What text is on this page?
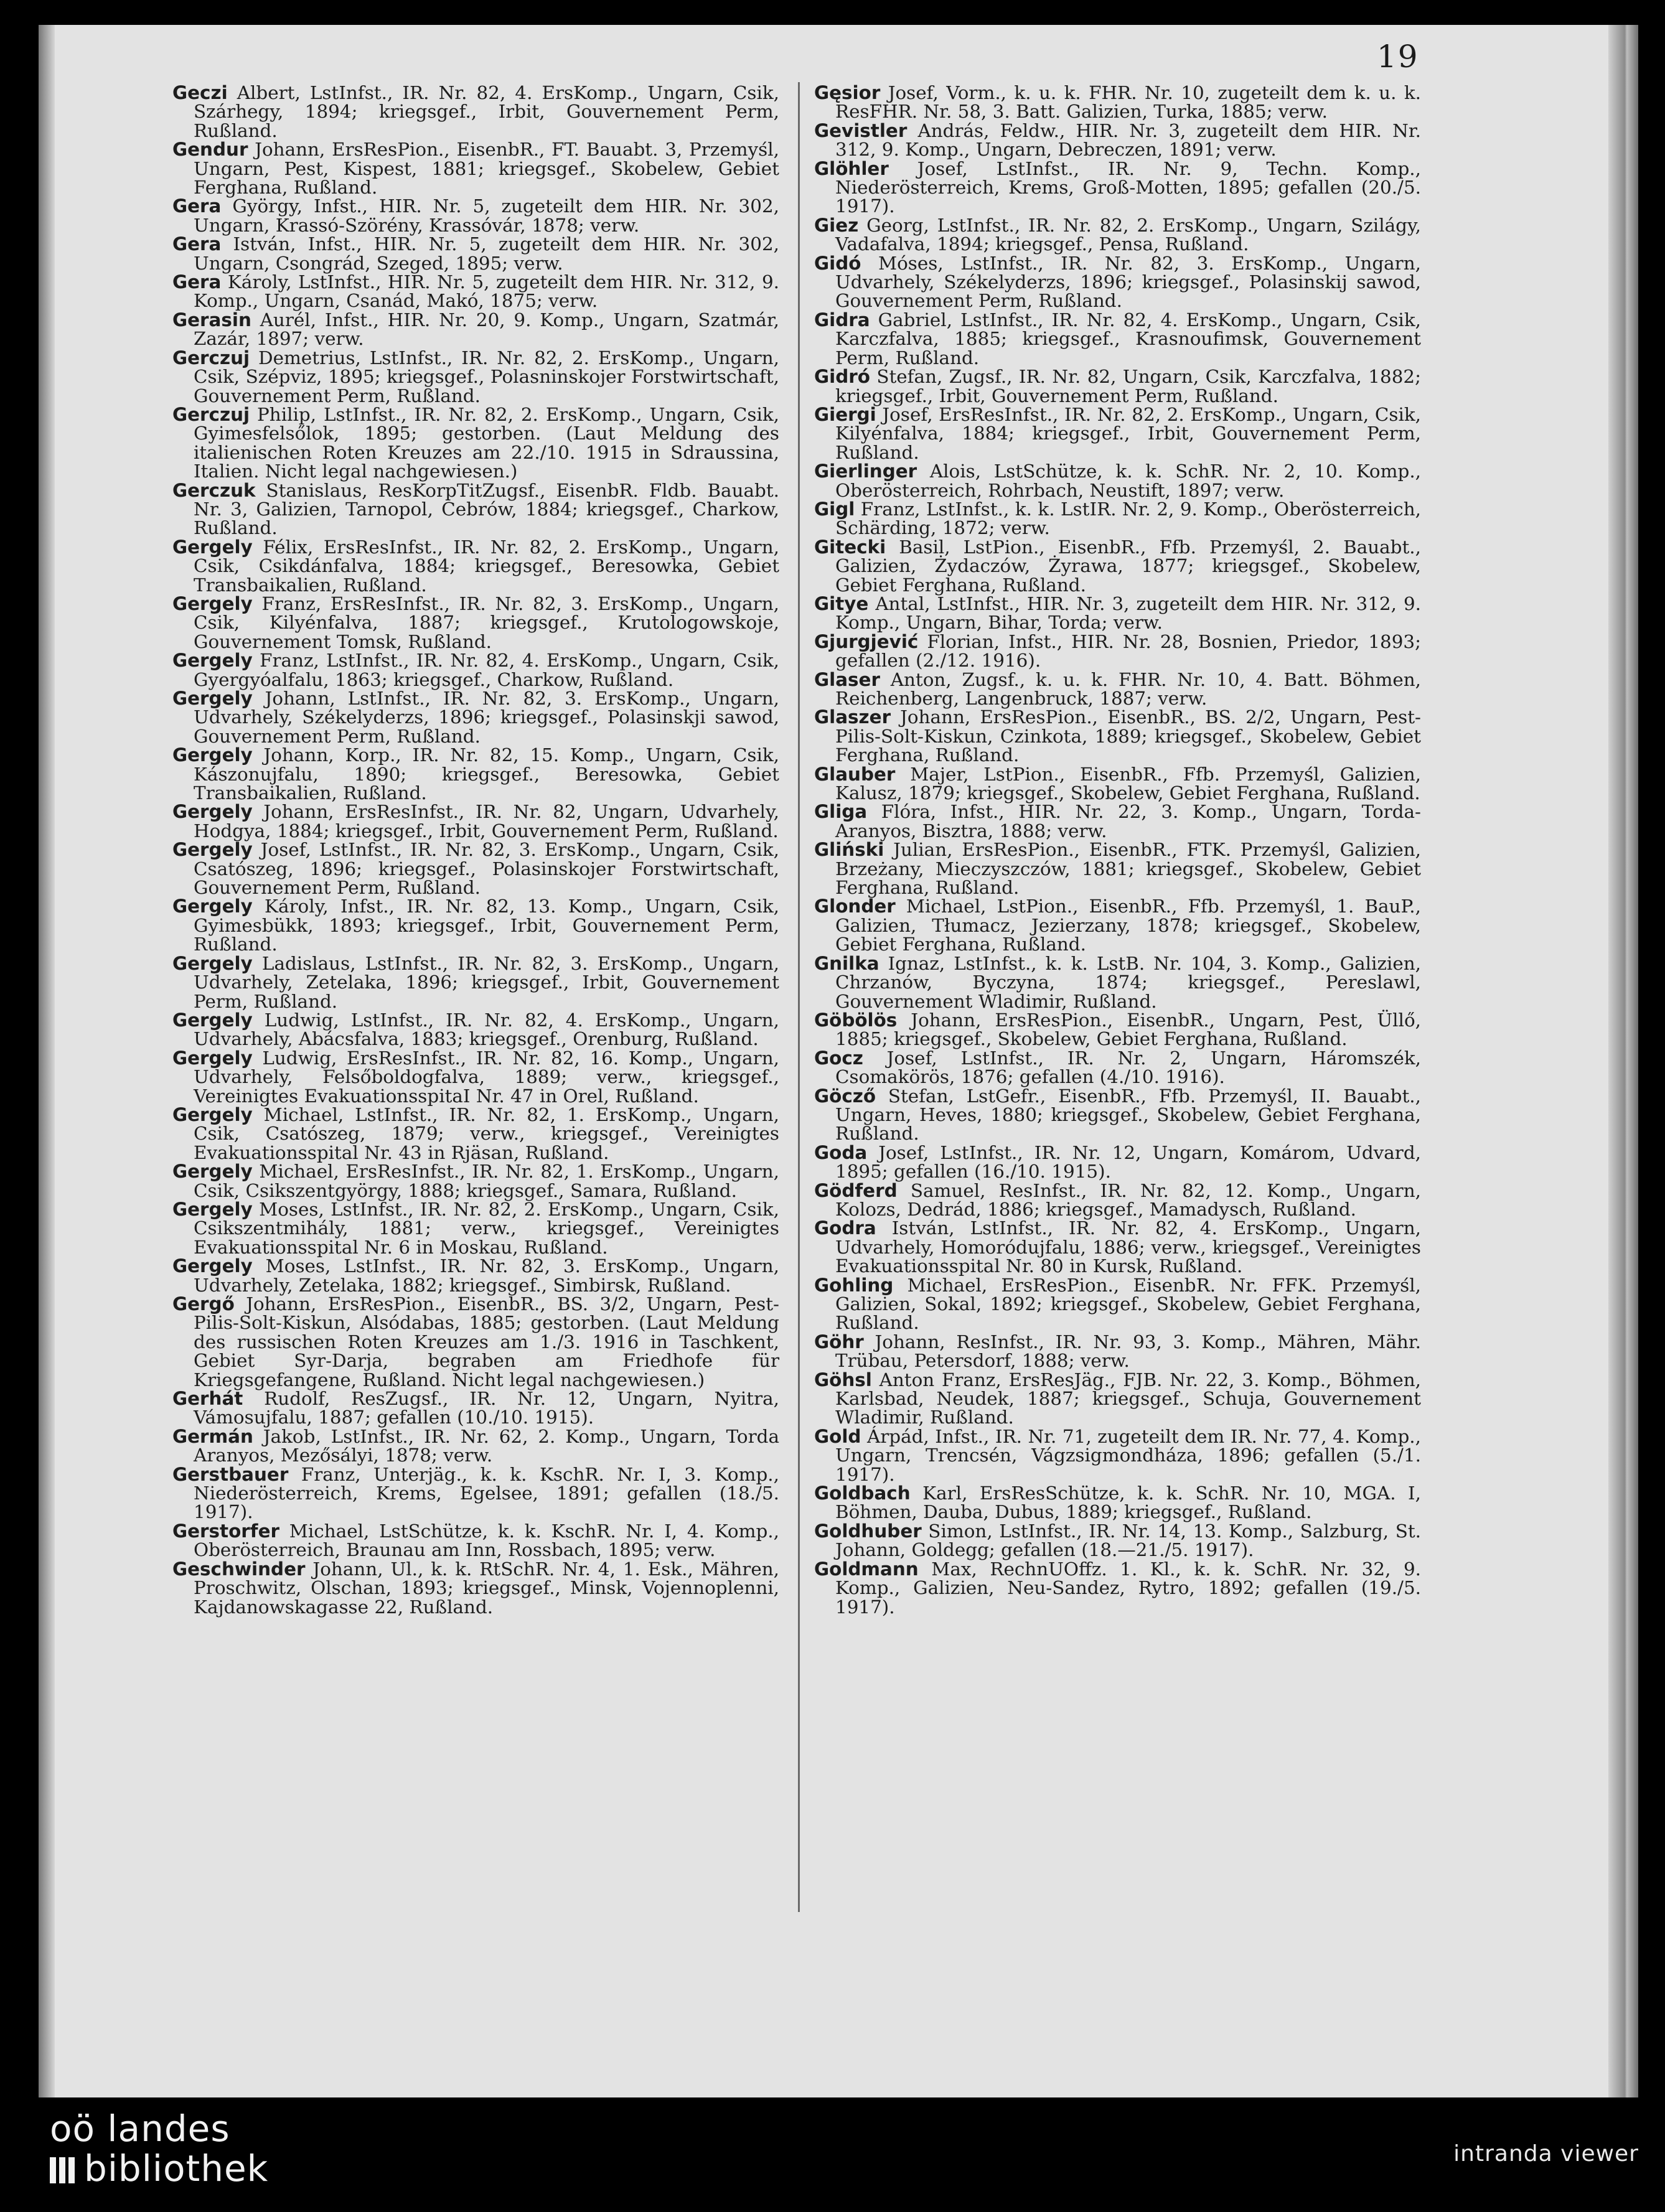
19

Geczi Albert, LstInfst., IR. Nr. 82, 4. ErsKomp., Ungarn, Csik, Szárhegy, 1894; kriegsgef., Irbit, Gouvernement Perm, Rußland.

Gendur Johann, ErsResPion., EisenbR., FT. Bauabt. 3, Przemyśl, Ungarn, Pest, Kispest, 1881; kriegsgef., Skobelew, Gebiet Ferghana, Rußland.

Gera György, Infst., HIR. Nr. 5, zugeteilt dem HIR. Nr. 302, Ungarn, Krassó-Szörény, Krassóvár, 1878; verw.

Gera István, Infst., HIR. Nr. 5, zugeteilt dem HIR. Nr. 302, Ungarn, Csongrád, Szeged, 1895; verw.

Gera Károly, LstInfst., HIR. Nr. 5, zugeteilt dem HIR. Nr. 312, 9. Komp., Ungarn, Csanád, Makó, 1875; verw.

Gerasin Aurél, Infst., HIR. Nr. 20, 9. Komp., Ungarn, Szatmár, Zazár, 1897; verw.

Gerczuj Demetrius, LstInfst., IR. Nr. 82, 2. ErsKomp., Ungarn, Csik, Szépviz, 1895; kriegsgef., Polasninskojer Forstwirtschaft, Gouvernement Perm, Rußland.

Gerczuj Philip, LstInfst., IR. Nr. 82, 2. ErsKomp., Ungarn, Csik, Gyimesfelsőlok, 1895; gestorben. (Laut Meldung des italienischen Roten Kreuzes am 22./10. 1915 in Sdraussina, Italien. Nicht legal nachgewiesen.)

Gerczuk Stanislaus, ResKorpTitZugsf., EisenbR. Fldb. Bauabt. Nr. 3, Galizien, Tarnopol, Cebrów, 1884; kriegsgef., Charkow, Rußland.

Gergely Félix, ErsResInfst., IR. Nr. 82, 2. ErsKomp., Ungarn, Csik, Csikdánfalva, 1884; kriegsgef., Beresowka, Gebiet Transbaikalien, Rußland.

Gergely Franz, ErsResInfst., IR. Nr. 82, 3. ErsKomp., Ungarn, Csik, Kilyénfalva, 1887; kriegsgef., Krutologowskoje, Gouvernement Tomsk, Rußland.

Gergely Franz, LstInfst., IR. Nr. 82, 4. ErsKomp., Ungarn, Csik, Gyergyóalfalu, 1863; kriegsgef., Charkow, Rußland.

Gergely Johann, LstInfst., IR. Nr. 82, 3. ErsKomp., Ungarn, Udvarhely, Székelyderzs, 1896; kriegsgef., Polasinskji sawod, Gouvernement Perm, Rußland.

Gergely Johann, Korp., IR. Nr. 82, 15. Komp., Ungarn, Csik, Kászonujfalu, 1890; kriegsgef., Beresowka, Gebiet Transbaikalien, Rußland.

Gergely Johann, ErsResInfst., IR. Nr. 82, Ungarn, Udvarhely, Hodgya, 1884; kriegsgef., Irbit, Gouvernement Perm, Rußland.

Gergely Josef, LstInfst., IR. Nr. 82, 3. ErsKomp., Ungarn, Csik, Csatószeg, 1896; kriegsgef., Polasinskojer Forstwirtschaft, Gouvernement Perm, Rußland.

Gergely Károly, Infst., IR. Nr. 82, 13. Komp., Ungarn, Csik, Gyimesbükk, 1893; kriegsgef., Irbit, Gouvernement Perm, Rußland.

Gergely Ladislaus, LstInfst., IR. Nr. 82, 3. ErsKomp., Ungarn, Udvarhely, Zetelaka, 1896; kriegsgef., Irbit, Gouvernement Perm, Rußland.

Gergely Ludwig, LstInfst., IR. Nr. 82, 4. ErsKomp., Ungarn, Udvarhely, Abácsfalva, 1883; kriegsgef., Orenburg, Rußland.

Gergely Ludwig, ErsResInfst., IR. Nr. 82, 16. Komp., Ungarn, Udvarhely, Felsőboldogfalva, 1889; verw., kriegsgef., Vereinigtes EvakuationsspitaI Nr. 47 in Orel, Rußland.

Gergely Michael, LstInfst., IR. Nr. 82, 1. ErsKomp., Ungarn, Csik, Csatószeg, 1879; verw., kriegsgef., Vereinigtes Evakuationsspital Nr. 43 in Rjäsan, Rußland.

Gergely Michael, ErsResInfst., IR. Nr. 82, 1. ErsKomp., Ungarn, Csik, Csikszentgyörgy, 1888; kriegsgef., Samara, Rußland.

Gergely Moses, LstInfst., IR. Nr. 82, 2. ErsKomp., Ungarn, Csik, Csikszentmihály, 1881; verw., kriegsgef., Vereinigtes Evakuationsspital Nr. 6 in Moskau, Rußland.

Gergely Moses, LstInfst., IR. Nr. 82, 3. ErsKomp., Ungarn, Udvarhely, Zetelaka, 1882; kriegsgef., Simbirsk, Rußland.

Gergő Johann, ErsResPion., EisenbR., BS. 3/2, Ungarn, Pest-Pilis-Solt-Kiskun, Alsódabas, 1885; gestorben. (Laut Meldung des russischen Roten Kreuzes am 1./3. 1916 in Taschkent, Gebiet Syr-Darja, begraben am Friedhofe für Kriegsgefangene, Rußland. Nicht legal nachgewiesen.)

Gerhát Rudolf, ResZugsf., IR. Nr. 12, Ungarn, Nyitra, Vámosujfalu, 1887; gefallen (10./10. 1915).

Germán Jakob, LstInfst., IR. Nr. 62, 2. Komp., Ungarn, Torda Aranyos, Mezősályi, 1878; verw.

Gerstbauer Franz, Unterjäg., k. k. KschR. Nr. I, 3. Komp., Niederösterreich, Krems, Egelsee, 1891; gefallen (18./5. 1917).

Gerstorfer Michael, LstSchütze, k. k. KschR. Nr. I, 4. Komp., Oberösterreich, Braunau am Inn, Rossbach, 1895; verw.

Geschwinder Johann, Ul., k. k. RtSchR. Nr. 4, 1. Esk., Mähren, Proschwitz, Olschan, 1893; kriegsgef., Minsk, Vojennoplenni, Kajdanowskagasse 22, Rußland.

Gęsior Josef, Vorm., k. u. k. FHR. Nr. 10, zugeteilt dem k. u. k. ResFHR. Nr. 58, 3. Batt. Galizien, Turka, 1885; verw.

Gevistler András, Feldw., HIR. Nr. 3, zugeteilt dem HIR. Nr. 312, 9. Komp., Ungarn, Debreczen, 1891; verw.

Glöhler Josef, LstInfst., IR. Nr. 9, Techn. Komp., Niederösterreich, Krems, Groß-Motten, 1895; gefallen (20./5. 1917).

Giez Georg, LstInfst., IR. Nr. 82, 2. ErsKomp., Ungarn, Szilágy, Vadafalva, 1894; kriegsgef., Pensa, Rußland.

Gidó Móses, LstInfst., IR. Nr. 82, 3. ErsKomp., Ungarn, Udvarhely, Székelyderzs, 1896; kriegsgef., Polasinskij sawod, Gouvernement Perm, Rußland.

Gidra Gabriel, LstInfst., IR. Nr. 82, 4. ErsKomp., Ungarn, Csik, Karczfalva, 1885; kriegsgef., Krasnoufimsk, Gouvernement Perm, Rußland.

Gidró Stefan, Zugsf., IR. Nr. 82, Ungarn, Csik, Karczfalva, 1882; kriegsgef., Irbit, Gouvernement Perm, Rußland.

Giergi Josef, ErsResInfst., IR. Nr. 82, 2. ErsKomp., Ungarn, Csik, Kilyénfalva, 1884; kriegsgef., Irbit, Gouvernement Perm, Rußland.

Gierlinger Alois, LstSchütze, k. k. SchR. Nr. 2, 10. Komp., Oberösterreich, Rohrbach, Neustift, 1897; verw.

Gigl Franz, LstInfst., k. k. LstIR. Nr. 2, 9. Komp., Oberösterreich, Schärding, 1872; verw.

Gitecki Basil, LstPion., EisenbR., Ffb. Przemyśl, 2. Bauabt., Galizien, Żydaczów, Żyrawa, 1877; kriegsgef., Skobelew, Gebiet Ferghana, Rußland.

Gitye Antal, LstInfst., HIR. Nr. 3, zugeteilt dem HIR. Nr. 312, 9. Komp., Ungarn, Bihar, Torda; verw.

Gjurgjević Florian, Infst., HIR. Nr. 28, Bosnien, Priedor, 1893; gefallen (2./12. 1916).

Glaser Anton, Zugsf., k. u. k. FHR. Nr. 10, 4. Batt. Böhmen, Reichenberg, Langenbruck, 1887; verw.

Glaszer Johann, ErsResPion., EisenbR., BS. 2/2, Ungarn, Pest-Pilis-Solt-Kiskun, Czinkota, 1889; kriegsgef., Skobelew, Gebiet Ferghana, Rußland.

Glauber Majer, LstPion., EisenbR., Ffb. Przemyśl, Galizien, Kalusz, 1879; kriegsgef., Skobelew, Gebiet Ferghana, Rußland.

Gliga Flóra, Infst., HIR. Nr. 22, 3. Komp., Ungarn, Torda-Aranyos, Bisztra, 1888; verw.

Gliński Julian, ErsResPion., EisenbR., FTK. Przemyśl, Galizien, Brzeżany, Mieczyszczów, 1881; kriegsgef., Skobelew, Gebiet Ferghana, Rußland.

Glonder Michael, LstPion., EisenbR., Ffb. Przemyśl, 1. BauP., Galizien, Tłumacz, Jezierzany, 1878; kriegsgef., Skobelew, Gebiet Ferghana, Rußland.

Gnilka Ignaz, LstInfst., k. k. LstB. Nr. 104, 3. Komp., Galizien, Chrzanów, Byczyna, 1874; kriegsgef., Pereslawl, Gouvernement Wladimir, Rußland.

Göbölös Johann, ErsResPion., EisenbR., Ungarn, Pest, Üllő, 1885; kriegsgef., Skobelew, Gebiet Ferghana, Rußland.

Gocz Josef, LstInfst., IR. Nr. 2, Ungarn, Háromszék, Csomakörös, 1876; gefallen (4./10. 1916).

Göcző Stefan, LstGefr., EisenbR., Ffb. Przemyśl, II. Bauabt., Ungarn, Heves, 1880; kriegsgef., Skobelew, Gebiet Ferghana, Rußland.

Goda Josef, LstInfst., IR. Nr. 12, Ungarn, Komárom, Udvard, 1895; gefallen (16./10. 1915).

Gödferd Samuel, ResInfst., IR. Nr. 82, 12. Komp., Ungarn, Kolozs, Dedrád, 1886; kriegsgef., Mamadysch, Rußland.

Godra István, LstInfst., IR. Nr. 82, 4. ErsKomp., Ungarn, Udvarhely, Homoródujfalu, 1886; verw., kriegsgef., Vereinigtes Evakuationsspital Nr. 80 in Kursk, Rußland.

Gohling Michael, ErsResPion., EisenbR. Nr. FFK. Przemyśl, Galizien, Sokal, 1892; kriegsgef., Skobelew, Gebiet Ferghana, Rußland.

Göhr Johann, ResInfst., IR. Nr. 93, 3. Komp., Mähren, Mähr. Trübau, Petersdorf, 1888; verw.

Göhsl Anton Franz, ErsResJäg., FJB. Nr. 22, 3. Komp., Böhmen, Karlsbad, Neudek, 1887; kriegsgef., Schuja, Gouvernement Wladimir, Rußland.

Gold Árpád, Infst., IR. Nr. 71, zugeteilt dem IR. Nr. 77, 4. Komp., Ungarn, Trencsén, Vágzsigmondháza, 1896; gefallen (5./1. 1917).

Goldbach Karl, ErsResSchütze, k. k. SchR. Nr. 10, MGA. I, Böhmen, Dauba, Dubus, 1889; kriegsgef., Rußland.

Goldhuber Simon, LstInfst., IR. Nr. 14, 13. Komp., Salzburg, St. Johann, Goldegg; gefallen (18.—21./5. 1917).

Goldmann Max, RechnUOffz. 1. Kl., k. k. SchR. Nr. 32, 9. Komp., Galizien, Neu-Sandez, Rytro, 1892; gefallen (19./5. 1917).

oö landes
bibliothek	intranda viewer
